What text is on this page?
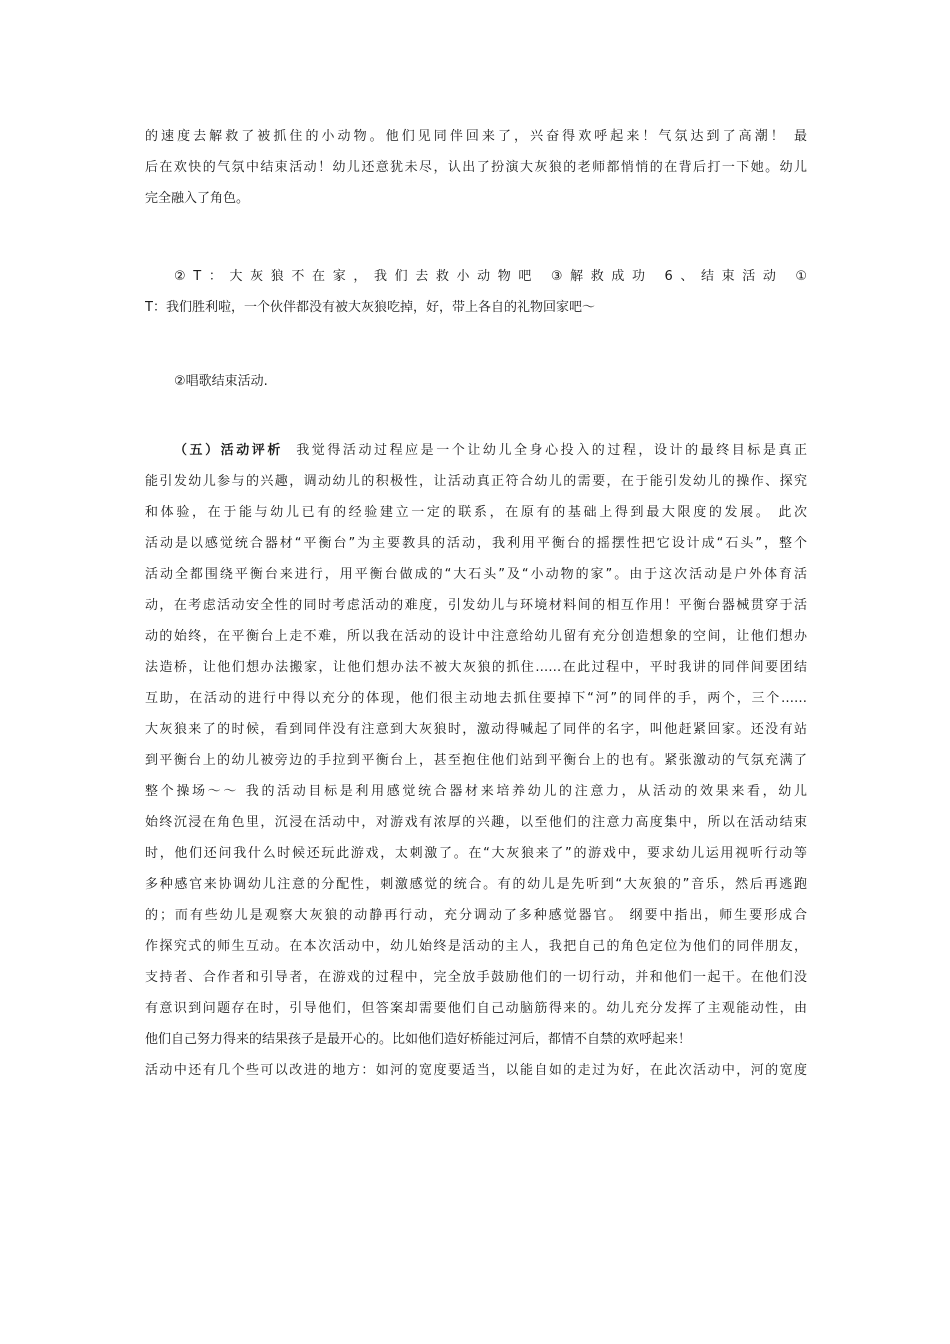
的速度去解救了被抓住的小动物。他们见同伴回来了，兴奋得欢呼起来！气氛达到了高潮！ 最
后在欢快的气氛中结束活动！幼儿还意犹未尽，认出了扮演大灰狼的老师都悄悄的在背后打一下她。幼儿
完全融入了角色。
②T：大灰狼不在家，我们去救小动物吧 ③解救成功 6、结束活动 ①
T：我们胜利啦，一个伙伴都没有被大灰狼吃掉，好，带上各自的礼物回家吧～
②唱歌结束活动.
（五）活动评析 我觉得活动过程应是一个让幼儿全身心投入的过程，设计的最终目标是真正
能引发幼儿参与的兴趣，调动幼儿的积极性，让活动真正符合幼儿的需要，在于能引发幼儿的操作、探究
和体验，在于能与幼儿已有的经验建立一定的联系，在原有的基础上得到最大限度的发展。 此次
活动是以感觉统合器材“平衡台”为主要教具的活动，我利用平衡台的摇摆性把它设计成“石头”，整个
活动全都围绕平衡台来进行，用平衡台做成的“大石头”及“小动物的家”。由于这次活动是户外体育活
动，在考虑活动安全性的同时考虑活动的难度，引发幼儿与环境材料间的相互作用！平衡台器械贯穿于活
动的始终，在平衡台上走不难，所以我在活动的设计中注意给幼儿留有充分创造想象的空间，让他们想办
法造桥，让他们想办法搬家，让他们想办法不被大灰狼的抓住……在此过程中，平时我讲的同伴间要团结
互助，在活动的进行中得以充分的体现，他们很主动地去抓住要掉下“河”的同伴的手，两个，三个……
大灰狼来了的时候，看到同伴没有注意到大灰狼时，激动得喊起了同伴的名字，叫他赶紧回家。还没有站
到平衡台上的幼儿被旁边的手拉到平衡台上，甚至抱住他们站到平衡台上的也有。紧张激动的气氛充满了
整个操场～～ 我的活动目标是利用感觉统合器材来培养幼儿的注意力，从活动的效果来看，幼儿
始终沉浸在角色里，沉浸在活动中，对游戏有浓厚的兴趣，以至他们的注意力高度集中，所以在活动结束
时，他们还问我什么时候还玩此游戏，太刺激了。在“大灰狼来了”的游戏中，要求幼儿运用视听行动等
多种感官来协调幼儿注意的分配性，刺激感觉的统合。有的幼儿是先听到“大灰狼的”音乐，然后再逃跑
的；而有些幼儿是观察大灰狼的动静再行动，充分调动了多种感觉器官。 纲要中指出，师生要形成合
作探究式的师生互动。在本次活动中，幼儿始终是活动的主人，我把自己的角色定位为他们的同伴朋友，
支持者、合作者和引导者，在游戏的过程中，完全放手鼓励他们的一切行动，并和他们一起干。在他们没
有意识到问题存在时，引导他们，但答案却需要他们自己动脑筋得来的。幼儿充分发挥了主观能动性，由
他们自己努力得来的结果孩子是最开心的。比如他们造好桥能过河后，都情不自禁的欢呼起来！
活动中还有几个些可以改进的地方：如河的宽度要适当，以能自如的走过为好，在此次活动中，河的宽度
